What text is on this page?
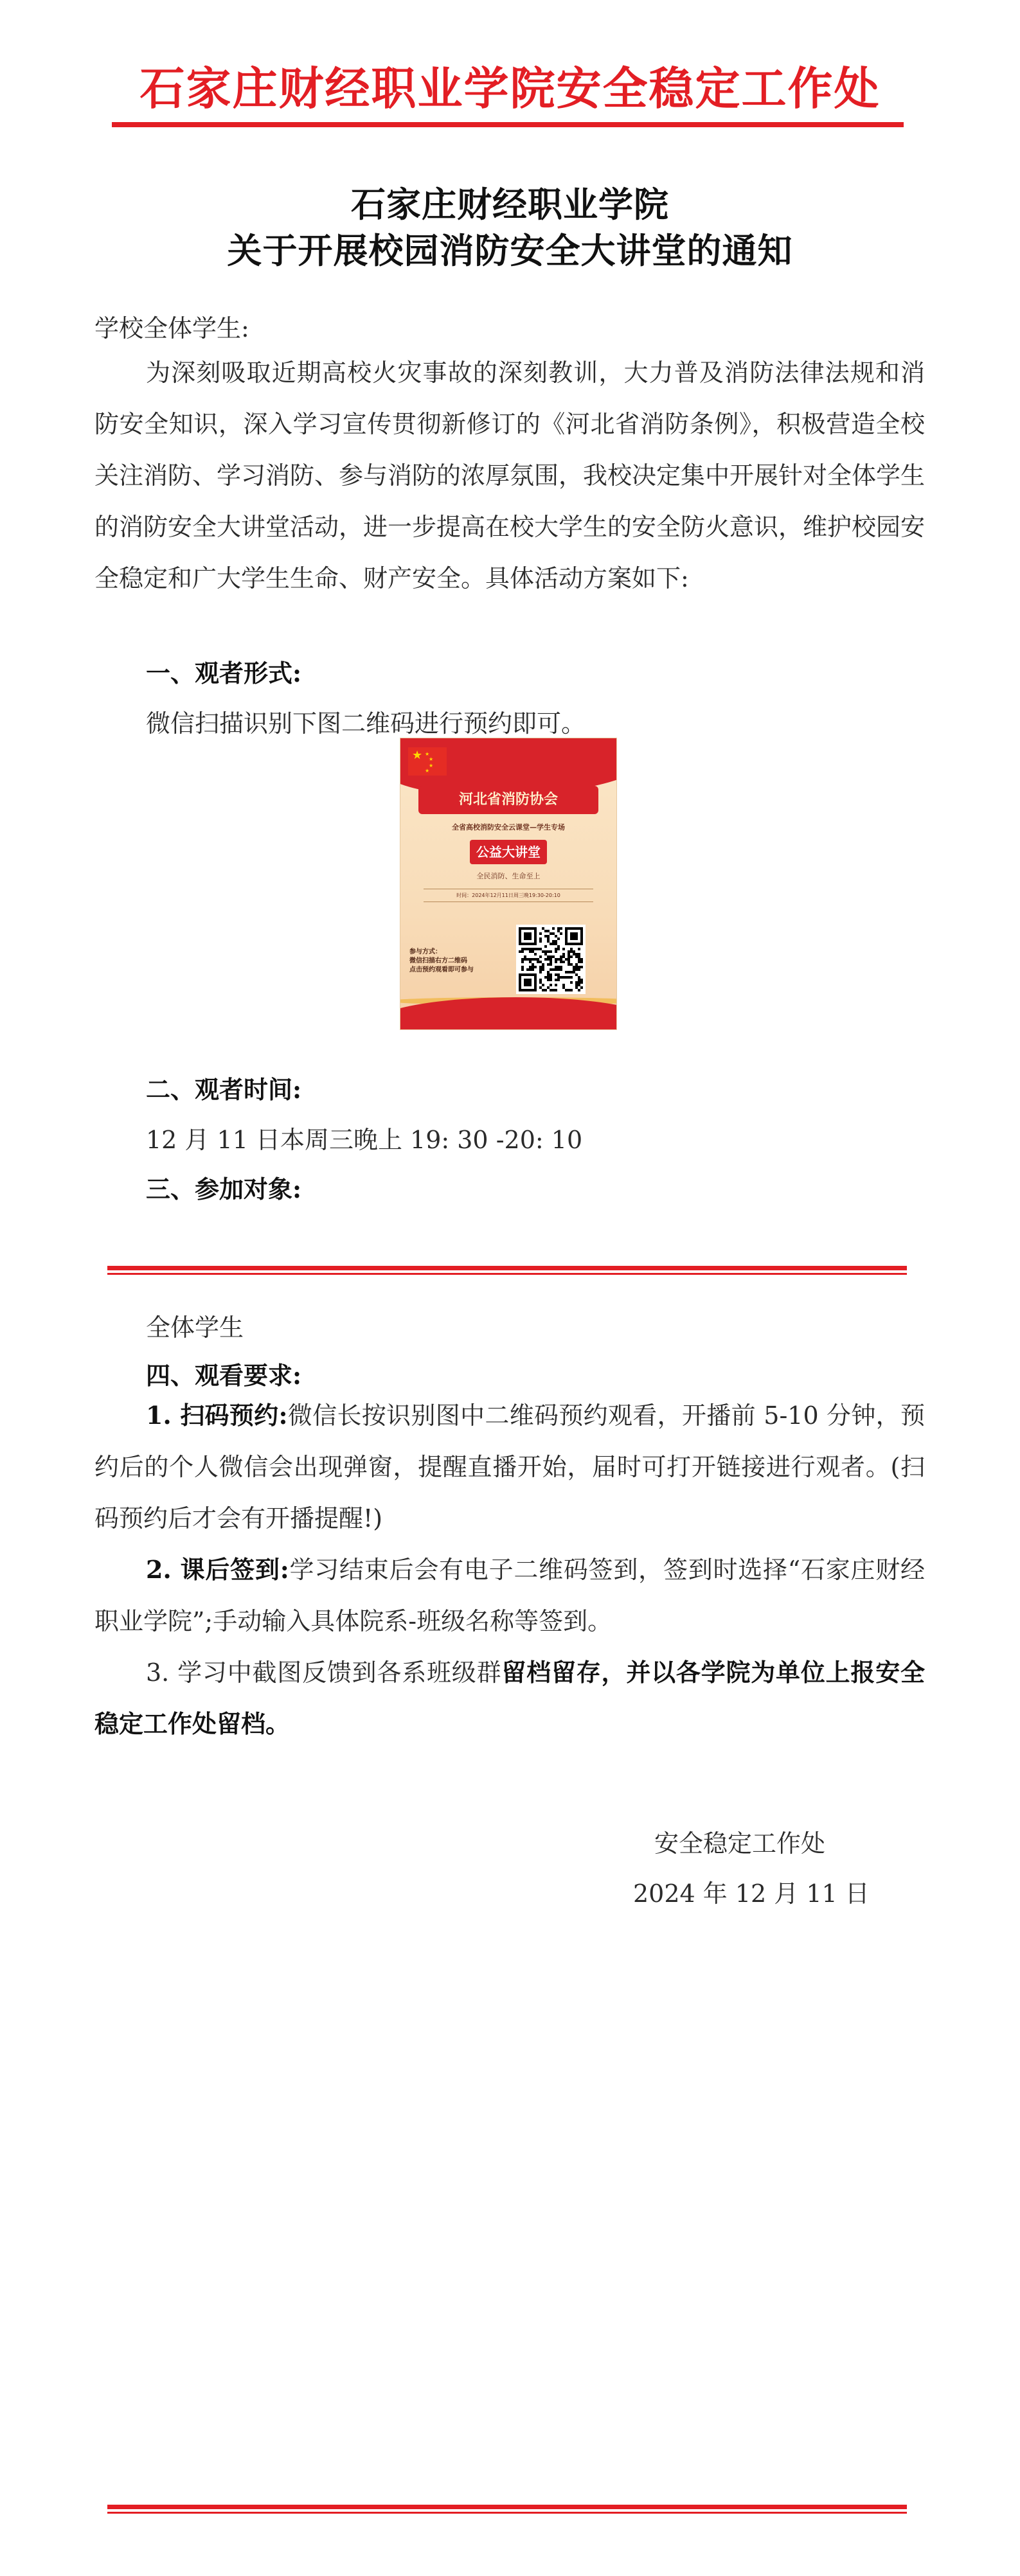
石家庄财经职业学院安全稳定工作处
石家庄财经职业学院
关于开展校园消防安全大讲堂的通知
学校全体学生:
为深刻吸取近期高校火灾事故的深刻教训，大力普及消防法律法规和消防安全知识，深入学习宣传贯彻新修订的《河北省消防条例》，积极营造全校关注消防、学习消防、参与消防的浓厚氛围，我校决定集中开展针对全体学生的消防安全大讲堂活动，进一步提高在校大学生的安全防火意识，维护校园安全稳定和广大学生生命、财产安全。具体活动方案如下:
一、观者形式:
微信扫描识别下图二维码进行预约即可。
★ ★
★
★
★
河北省消防协会
全省高校消防安全云课堂—学生专场
公益大讲堂
全民消防、生命至上
时间：2024年12月11日周三晚19:30-20:10
参与方式：
微信扫描右方二维码
点击预约观看即可参与
二、观者时间:
12 月 11 日本周三晚上 19: 30 -20: 10
三、参加对象:
全体学生
四、观看要求:
1. 扫码预约:微信长按识别图中二维码预约观看，开播前 5-10 分钟，预约后的个人微信会出现弹窗，提醒直播开始，届时可打开链接进行观者。(扫码预约后才会有开播提醒!)
2. 课后签到:学习结束后会有电子二维码签到，签到时选择“石家庄财经职业学院”;手动输入具体院系-班级名称等签到。
3. 学习中截图反馈到各系班级群留档留存，并以各学院为单位上报安全稳定工作处留档。
安全稳定工作处
2024 年 12 月 11 日
